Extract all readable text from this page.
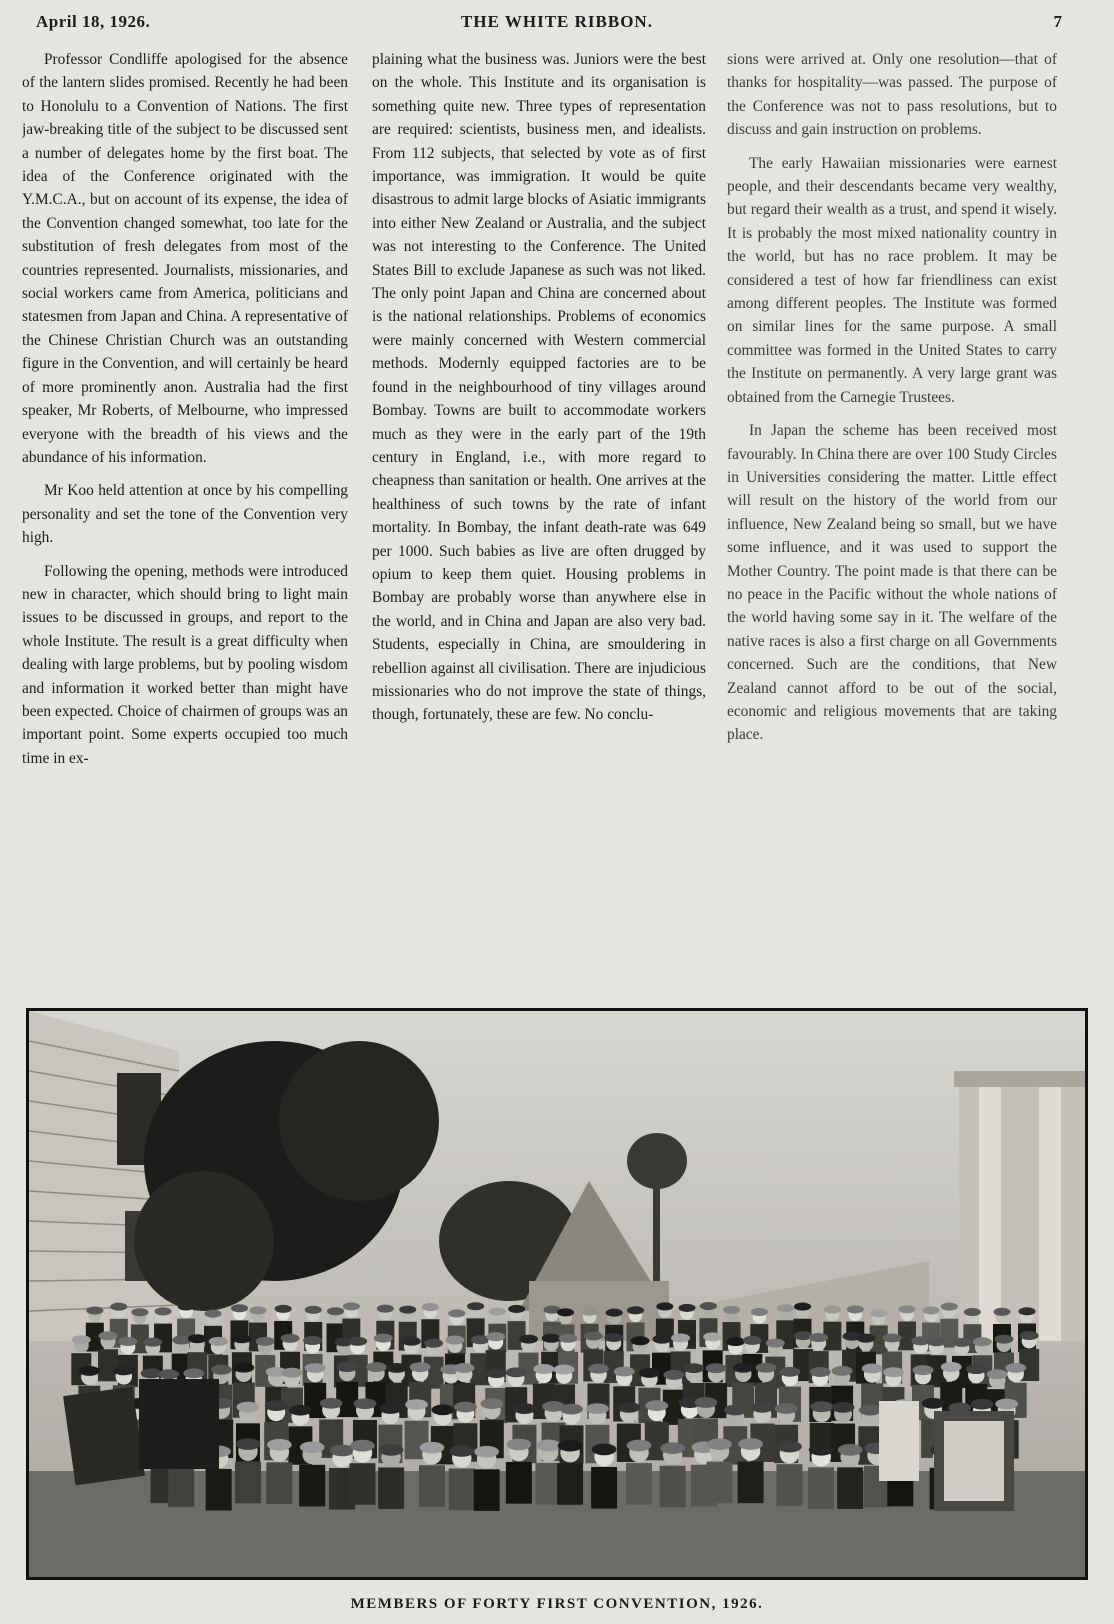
April 18, 1926.	THE WHITE RIBBON.	7

Professor Condliffe apologised for the absence of the lantern slides promised. Recently he had been to Honolulu to a Convention of Nations. The first jaw-breaking title of the subject to be discussed sent a number of delegates home by the first boat. The idea of the Conference originated with the Y.M.C.A., but on account of its expense, the idea of the Convention changed somewhat, too late for the substitution of fresh delegates from most of the countries represented. Journalists, missionaries, and social workers came from America, politicians and statesmen from Japan and China. A representative of the Chinese Christian Church was an outstanding figure in the Convention, and will certainly be heard of more prominently anon. Australia had the first speaker, Mr Roberts, of Melbourne, who impressed everyone with the breadth of his views and the abundance of his information.

Mr Koo held attention at once by his compelling personality and set the tone of the Convention very high.

Following the opening, methods were introduced new in character, which should bring to light main issues to be discussed in groups, and report to the whole Institute. The result is a great difficulty when dealing with large problems, but by pooling wisdom and information it worked better than might have been expected. Choice of chairmen of groups was an important point. Some experts occupied too much time in ex-

plaining what the business was. Juniors were the best on the whole. This Institute and its organisation is something quite new. Three types of representation are required: scientists, business men, and idealists. From 112 subjects, that selected by vote as of first importance, was immigration. It would be quite disastrous to admit large blocks of Asiatic immigrants into either New Zealand or Australia, and the subject was not interesting to the Conference. The United States Bill to exclude Japanese as such was not liked. The only point Japan and China are concerned about is the national relationships. Problems of economics were mainly concerned with Western commercial methods. Modernly equipped factories are to be found in the neighbourhood of tiny villages around Bombay. Towns are built to accommodate workers much as they were in the early part of the 19th century in England, i.e., with more regard to cheapness than sanitation or health. One arrives at the healthiness of such towns by the rate of infant mortality. In Bombay, the infant death-rate was 649 per 1000. Such babies as live are often drugged by opium to keep them quiet. Housing problems in Bombay are probably worse than anywhere else in the world, and in China and Japan are also very bad. Students, especially in China, are smouldering in rebellion against all civilisation. There are injudicious missionaries who do not improve the state of things, though, fortunately, these are few. No conclu-

sions were arrived at. Only one resolution—that of thanks for hospitality—was passed. The purpose of the Conference was not to pass resolutions, but to discuss and gain instruction on problems.

The early Hawaiian missionaries were earnest people, and their descendants became very wealthy, but regard their wealth as a trust, and spend it wisely. It is probably the most mixed nationality country in the world, but has no race problem. It may be considered a test of how far friendliness can exist among different peoples. The Institute was formed on similar lines for the same purpose. A small committee was formed in the United States to carry the Institute on permanently. A very large grant was obtained from the Carnegie Trustees.

In Japan the scheme has been received most favourably. In China there are over 100 Study Circles in Universities considering the matter. Little effect will result on the history of the world from our influence, New Zealand being so small, but we have some influence, and it was used to support the Mother Country. The point made is that there can be no peace in the Pacific without the whole nations of the world having some say in it. The welfare of the native races is also a first charge on all Governments concerned. Such are the conditions, that New Zealand cannot afford to be out of the social, economic and religious movements that are taking place.

MEMBERS OF FORTY FIRST CONVENTION, 1926.
